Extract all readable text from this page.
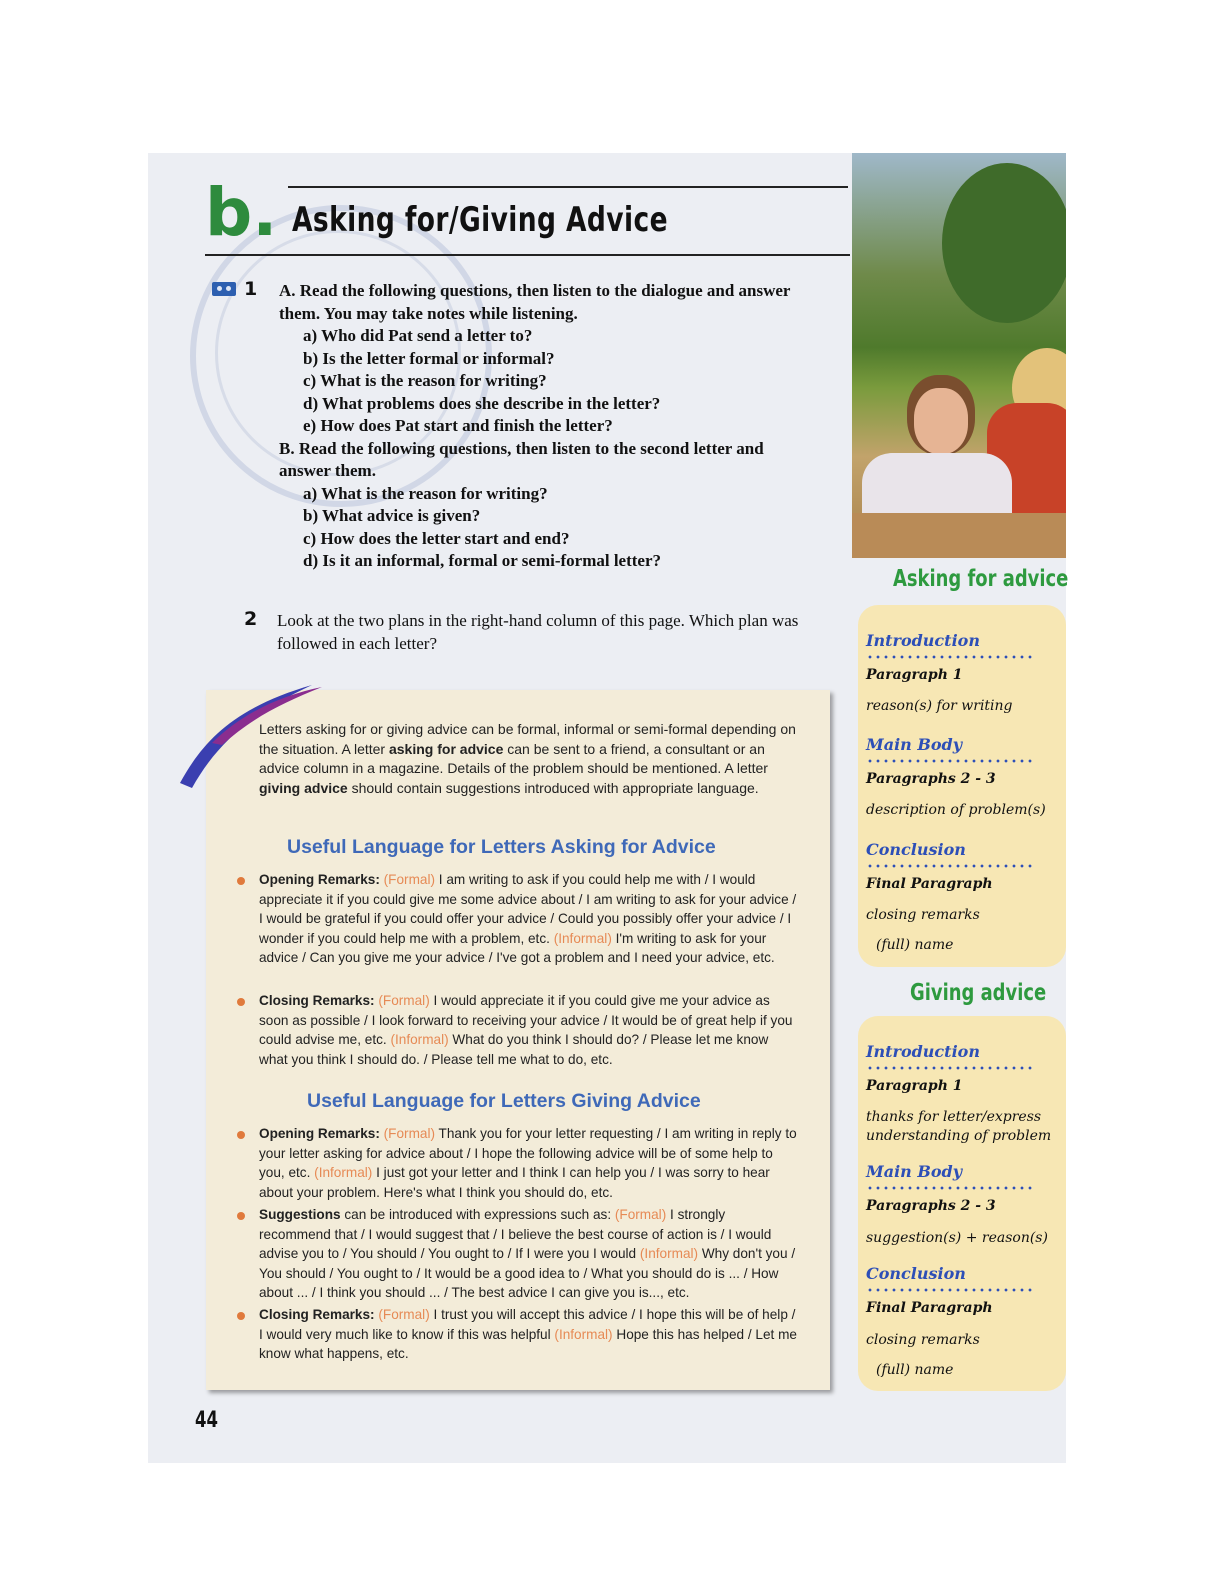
b. Asking for/Giving Advice
1 A. Read the following questions, then listen to the dialogue and answer them. You may take notes while listening.

a) Who did Pat send a letter to?

b) Is the letter formal or informal?

c) What is the reason for writing?

d) What problems does she describe in the letter?

e) How does Pat start and finish the letter?

B. Read the following questions, then listen to the second letter and answer them.

a) What is the reason for writing?

b) What advice is given?

c) How does the letter start and end?

d) Is it an informal, formal or semi-formal letter?

2 Look at the two plans in the right-hand column of this page. Which plan was followed in each letter?
Asking for advice
Introduction
Paragraph 1
reason(s) for writing
Main Body
Paragraphs 2 - 3
description of problem(s)
Conclusion
Final Paragraph
closing remarks
(full) name
Giving advice
Introduction
Paragraph 1
thanks for letter/express
understanding of problem
Main Body
Paragraphs 2 - 3
suggestion(s) + reason(s)
Conclusion
Final Paragraph
closing remarks
(full) name
Letters asking for or giving advice can be formal, informal or semi-formal depending on the situation. A letter asking for advice can be sent to a friend, a consultant or an advice column in a magazine. Details of the problem should be mentioned. A letter giving advice should contain suggestions introduced with appropriate language.
Useful Language for Letters Asking for Advice
Opening Remarks: (Formal) I am writing to ask if you could help me with / I would appreciate it if you could give me some advice about / I am writing to ask for your advice / I would be grateful if you could offer your advice / Could you possibly offer your advice / I wonder if you could help me with a problem, etc. (Informal) I'm writing to ask for your advice / Can you give me your advice / I've got a problem and I need your advice, etc.
Closing Remarks: (Formal) I would appreciate it if you could give me your advice as soon as possible / I look forward to receiving your advice / It would be of great help if you could advise me, etc. (Informal) What do you think I should do? / Please let me know what you think I should do. / Please tell me what to do, etc.
Useful Language for Letters Giving Advice
Opening Remarks: (Formal) Thank you for your letter requesting / I am writing in reply to your letter asking for advice about / I hope the following advice will be of some help to you, etc. (Informal) I just got your letter and I think I can help you / I was sorry to hear about your problem. Here's what I think you should do, etc.
Suggestions can be introduced with expressions such as: (Formal) I strongly recommend that / I would suggest that / I believe the best course of action is / I would advise you to / You should / You ought to / If I were you I would (Informal) Why don't you / You should / You ought to / It would be a good idea to / What you should do is ... / How about ... / I think you should ... / The best advice I can give you is..., etc.
Closing Remarks: (Formal) I trust you will accept this advice / I hope this will be of help / I would very much like to know if this was helpful (Informal) Hope this has helped / Let me know what happens, etc.
44
